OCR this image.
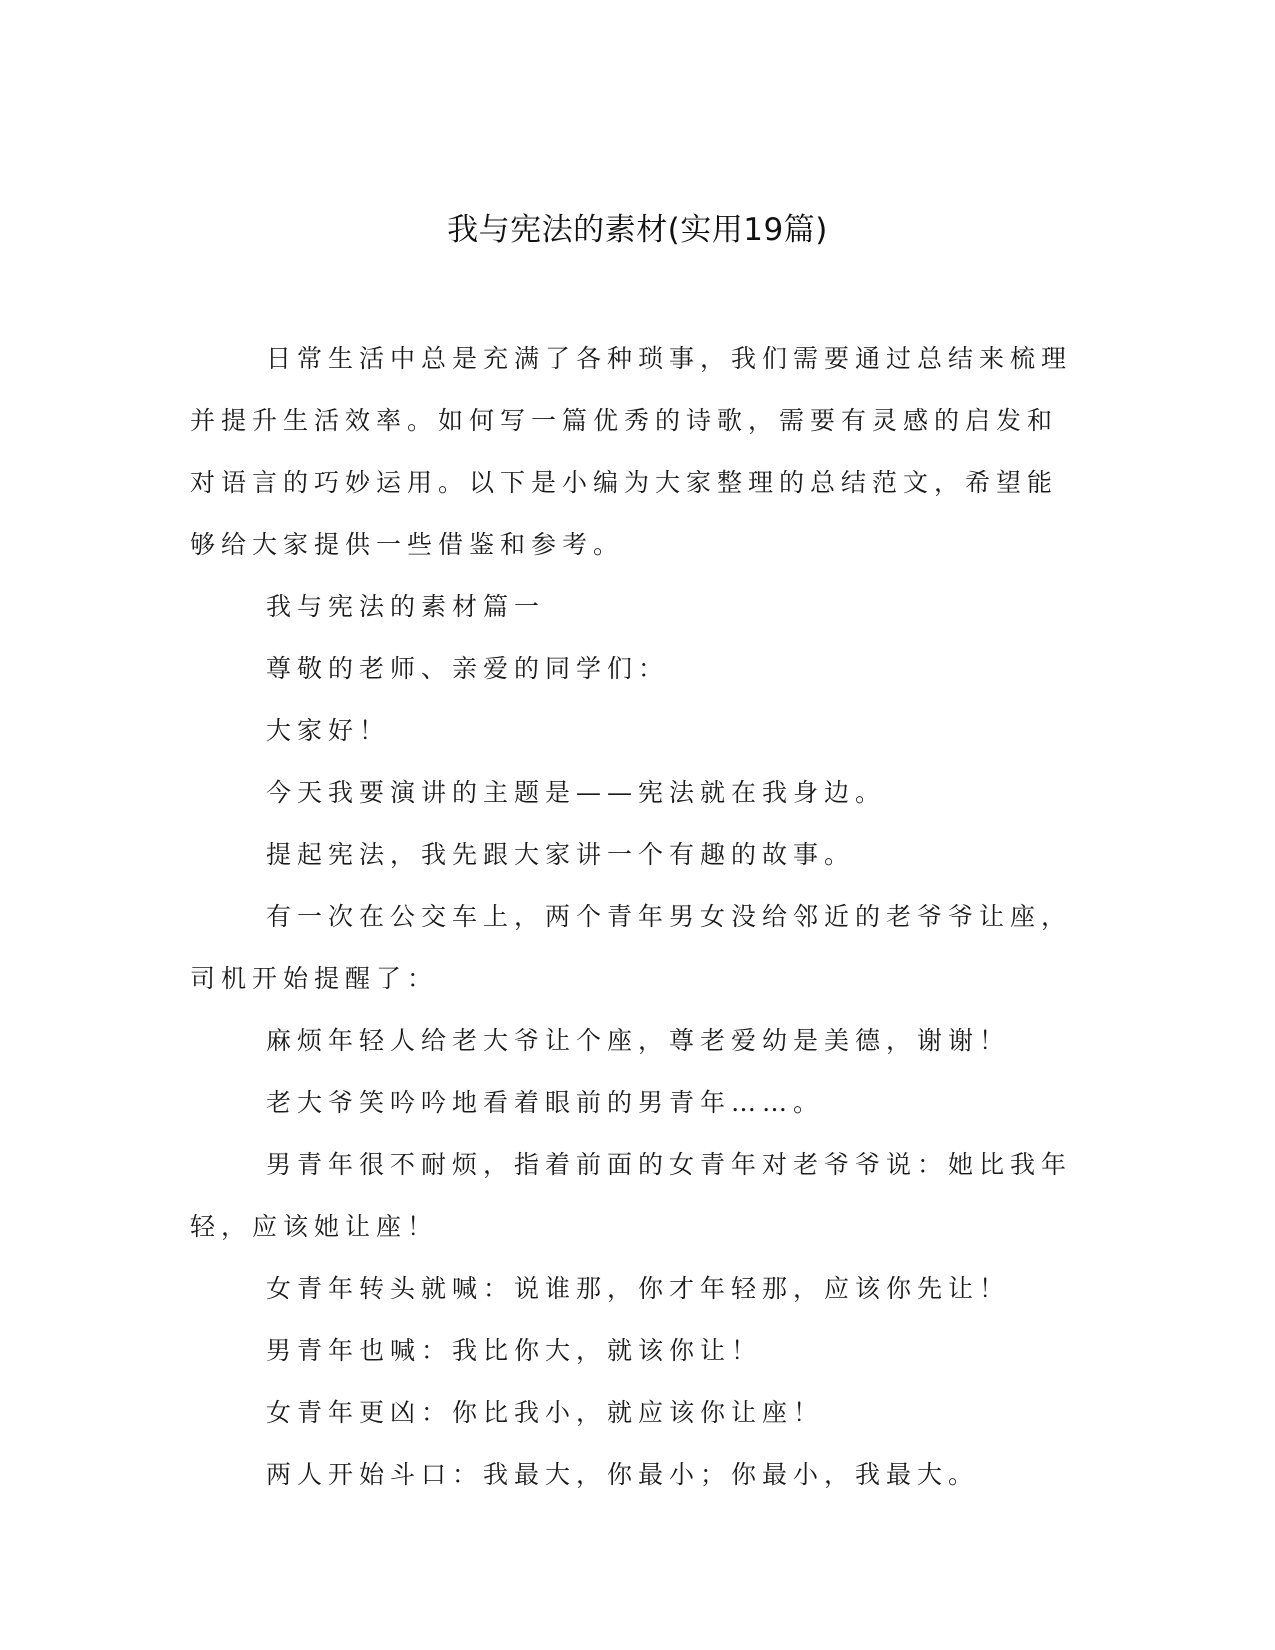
我与宪法的素材(实用19篇)

日常生活中总是充满了各种琐事，我们需要通过总结来梳理并提升生活效率。如何写一篇优秀的诗歌，需要有灵感的启发和对语言的巧妙运用。以下是小编为大家整理的总结范文，希望能够给大家提供一些借鉴和参考。

我与宪法的素材篇一

尊敬的老师、亲爱的同学们：

大家好！

今天我要演讲的主题是——宪法就在我身边。

提起宪法，我先跟大家讲一个有趣的故事。

有一次在公交车上，两个青年男女没给邻近的老爷爷让座，司机开始提醒了：

麻烦年轻人给老大爷让个座，尊老爱幼是美德，谢谢！

老大爷笑吟吟地看着眼前的男青年……。

男青年很不耐烦，指着前面的女青年对老爷爷说：她比我年轻，应该她让座！

女青年转头就喊：说谁那，你才年轻那，应该你先让！

男青年也喊：我比你大，就该你让！

女青年更凶：你比我小，就应该你让座！

两人开始斗口：我最大，你最小；你最小，我最大。
